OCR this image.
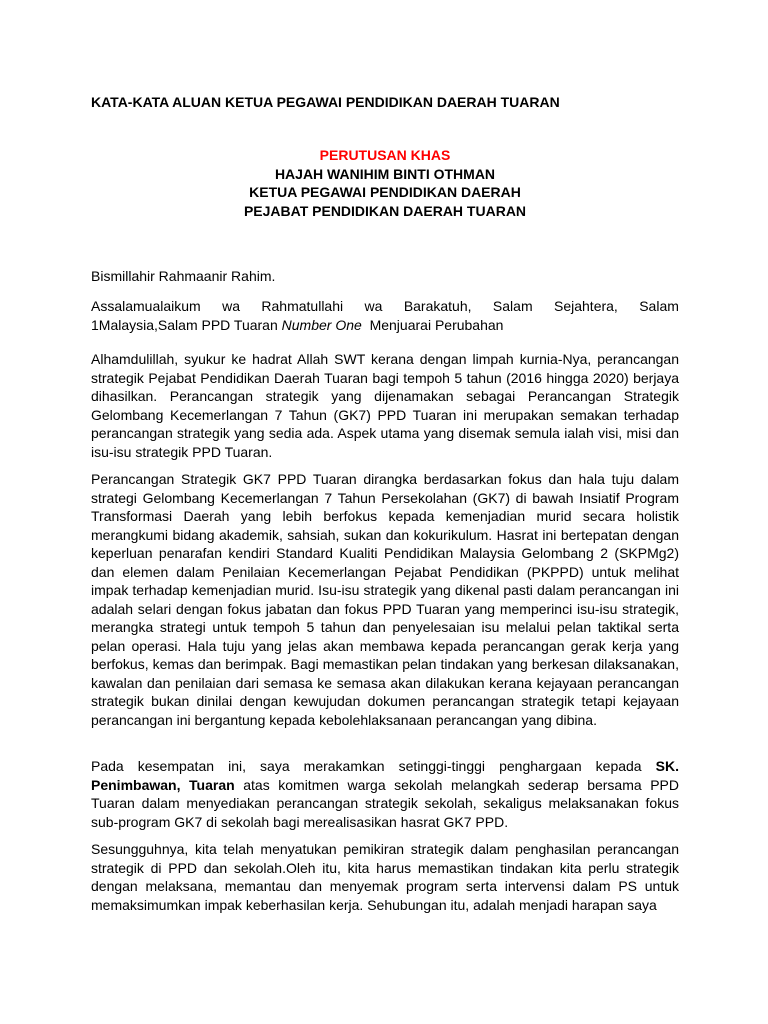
KATA-KATA ALUAN KETUA PEGAWAI PENDIDIKAN DAERAH TUARAN
PERUTUSAN KHAS
HAJAH WANIHIM BINTI OTHMAN
KETUA PEGAWAI PENDIDIKAN DAERAH
PEJABAT PENDIDIKAN DAERAH TUARAN

Bismillahir Rahmaanir Rahim.

Assalamualaikum wa Rahmatullahi wa Barakatuh, Salam Sejahtera, Salam
1Malaysia,Salam PPD Tuaran Number One  Menjuarai Perubahan

Alhamdulillah, syukur ke hadrat Allah SWT kerana dengan limpah kurnia-Nya, perancangan strategik Pejabat Pendidikan Daerah Tuaran bagi tempoh 5 tahun (2016 hingga 2020) berjaya dihasilkan. Perancangan strategik yang dijenamakan sebagai Perancangan Strategik Gelombang Kecemerlangan 7 Tahun (GK7) PPD Tuaran ini merupakan semakan terhadap perancangan strategik yang sedia ada. Aspek utama yang disemak semula ialah visi, misi dan isu-isu strategik PPD Tuaran.

Perancangan Strategik GK7 PPD Tuaran dirangka berdasarkan fokus dan hala tuju dalam strategi Gelombang Kecemerlangan 7 Tahun Persekolahan (GK7) di bawah Insiatif Program Transformasi Daerah yang lebih berfokus kepada kemenjadian murid secara holistik merangkumi bidang akademik, sahsiah, sukan dan kokurikulum. Hasrat ini bertepatan dengan keperluan penarafan kendiri Standard Kualiti Pendidikan Malaysia Gelombang 2 (SKPMg2) dan elemen dalam Penilaian Kecemerlangan Pejabat Pendidikan (PKPPD) untuk melihat impak terhadap kemenjadian murid. Isu-isu strategik yang dikenal pasti dalam perancangan ini adalah selari dengan fokus jabatan dan fokus PPD Tuaran yang memperinci isu-isu strategik, merangka strategi untuk tempoh 5 tahun dan penyelesaian isu melalui pelan taktikal serta pelan operasi. Hala tuju yang jelas akan membawa kepada perancangan gerak kerja yang berfokus, kemas dan berimpak. Bagi memastikan pelan tindakan yang berkesan dilaksanakan, kawalan dan penilaian dari semasa ke semasa akan dilakukan kerana kejayaan perancangan strategik bukan dinilai dengan kewujudan dokumen perancangan strategik tetapi kejayaan perancangan ini bergantung kepada kebolehlaksanaan perancangan yang dibina.

Pada kesempatan ini, saya merakamkan setinggi-tinggi penghargaan kepada SK. Penimbawan, Tuaran atas komitmen warga sekolah melangkah sederap bersama PPD Tuaran dalam menyediakan perancangan strategik sekolah, sekaligus melaksanakan fokus sub-program GK7 di sekolah bagi merealisasikan hasrat GK7 PPD.

Sesungguhnya, kita telah menyatukan pemikiran strategik dalam penghasilan perancangan strategik di PPD dan sekolah.Oleh itu, kita harus memastikan tindakan kita perlu strategik dengan melaksana, memantau dan menyemak program serta intervensi dalam PS untuk memaksimumkan impak keberhasilan kerja. Sehubungan itu, adalah menjadi harapan saya
